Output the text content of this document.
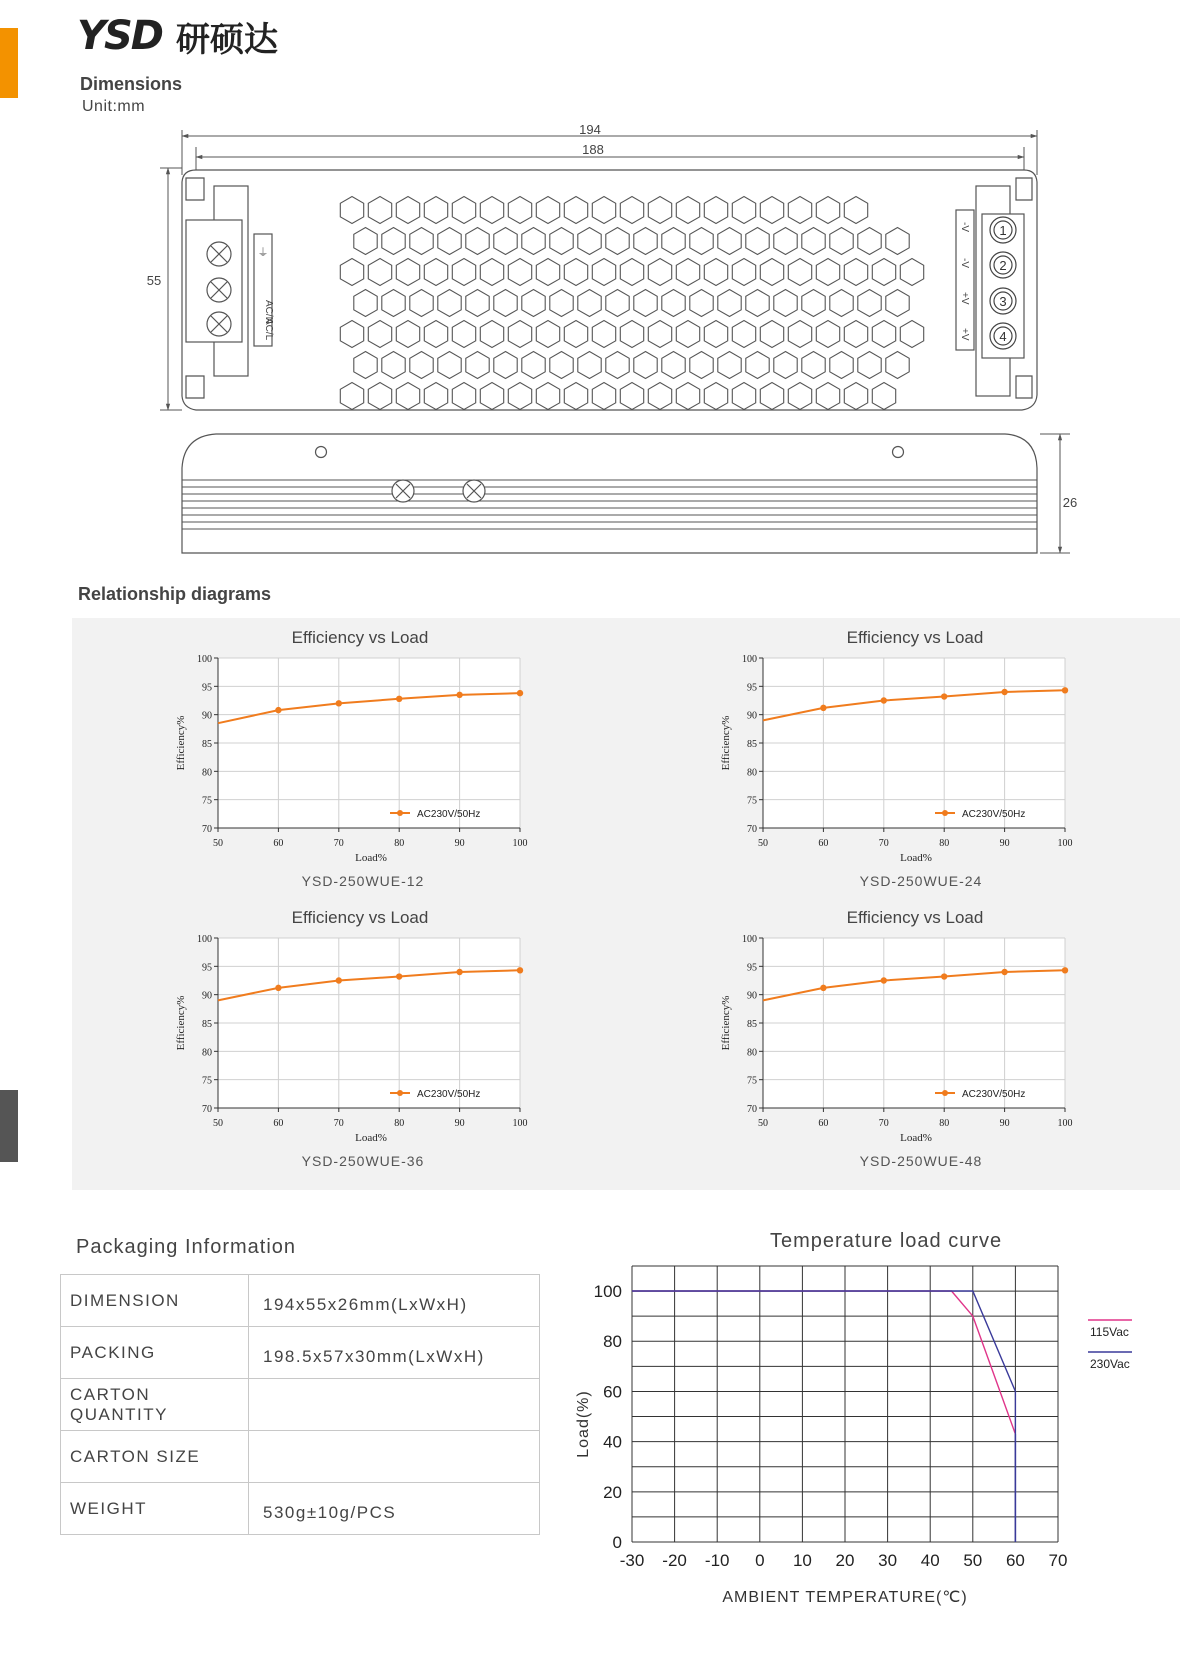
YSD 研硕达
Dimensions
Unit:mm
194
188
55
26
AC/N
AC/L
⏚
-V
-V
+V
+V
1
2
3
4
Relationship diagrams
Efficiency vs Load
YSD-250WUE-12
70
75
80
85
90
95
100
50	60	70	80	90	100
Load%
Efficiency%
AC230V/50Hz
Efficiency vs Load
YSD-250WUE-24
70
75
80
85
90
95
100
50	60	70	80	90	100
Load%
Efficiency%
AC230V/50Hz
Efficiency vs Load
YSD-250WUE-36
70
75
80
85
90
95
100
50	60	70	80	90	100
Load%
Efficiency%
AC230V/50Hz
Efficiency vs Load
YSD-250WUE-48
70
75
80
85
90
95
100
50	60	70	80	90	100
Load%
Efficiency%
AC230V/50Hz
Packaging Information
DIMENSION	194x55x26mm(LxWxH)
PACKING	198.5x57x30mm(LxWxH)
CARTON QUANTITY	
CARTON SIZE	
WEIGHT	530g±10g/PCS
Temperature load curve
0
20
40
60
80
100
-30 -20 -10 0 10 20 30 40 50 60 70
AMBIENT TEMPERATURE(℃)
Load(%)
115Vac
230Vac
